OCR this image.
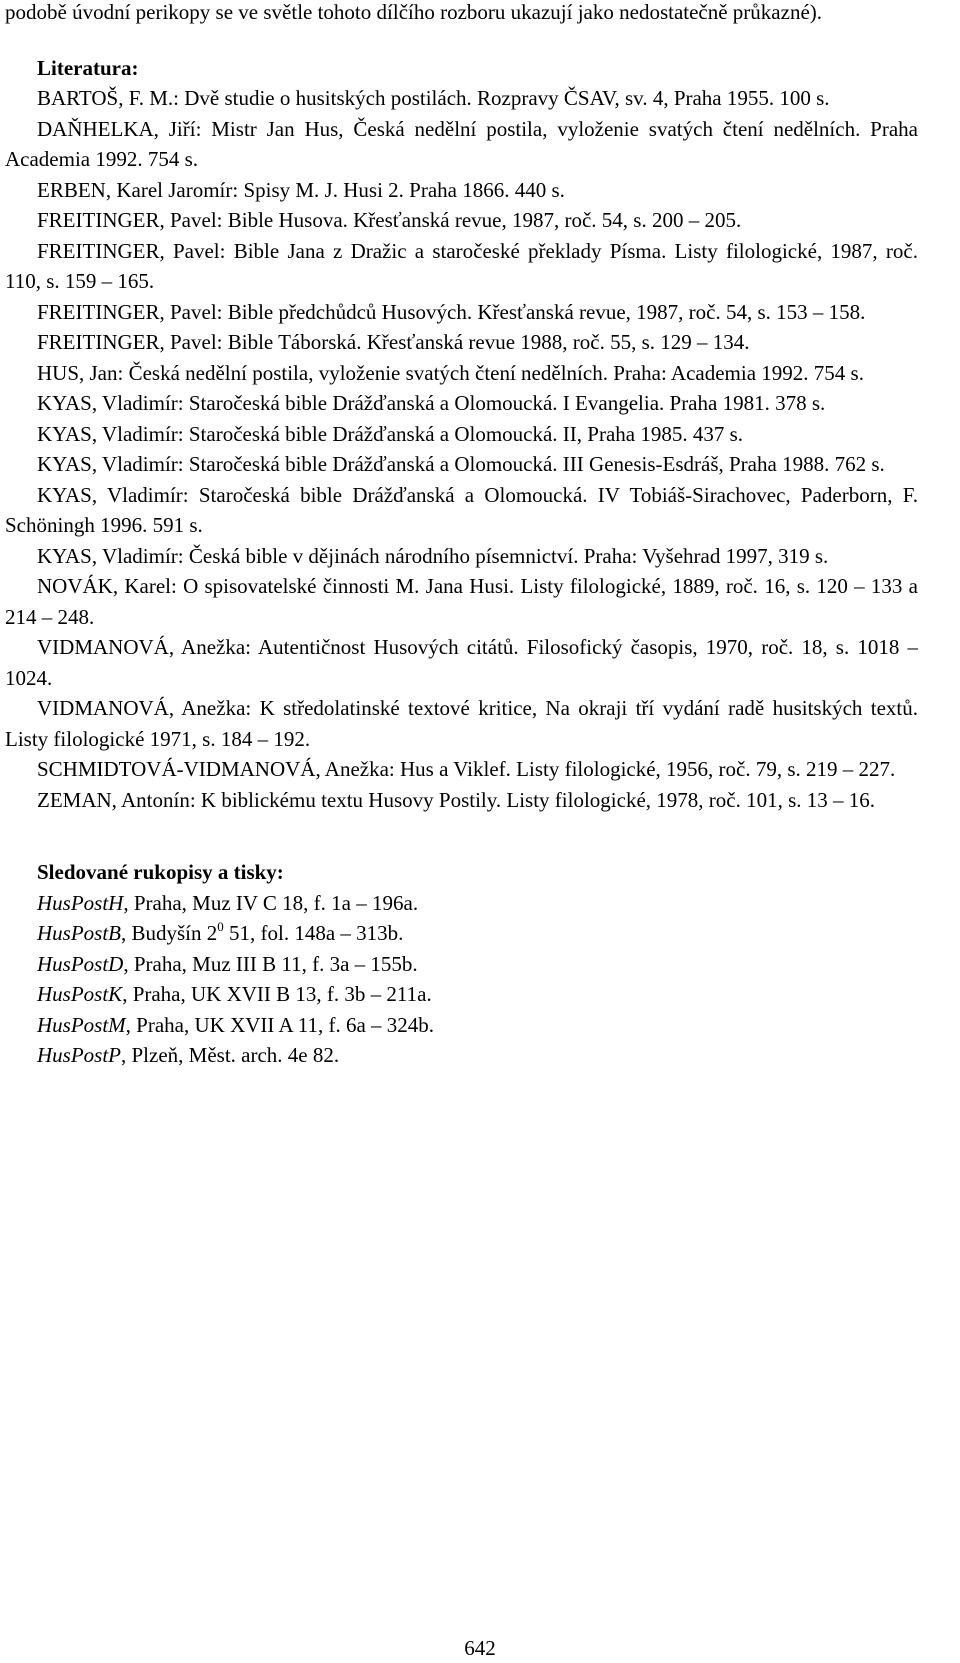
podobě úvodní perikopy se ve světle tohoto dílčího rozboru ukazují jako nedostatečně průkazné).

Literatura:

BARTOŠ, F. M.: Dvě studie o husitských postilách. Rozpravy ČSAV, sv. 4, Praha 1955. 100 s.

DAŇHELKA, Jiří: Mistr Jan Hus, Česká nedělní postila, vyloženie svatých čtení nedělních. Praha Academia 1992. 754 s.

ERBEN, Karel Jaromír: Spisy M. J. Husi 2. Praha 1866. 440 s.

FREITINGER, Pavel: Bible Husova. Křesťanská revue, 1987, roč. 54, s. 200 – 205.

FREITINGER, Pavel: Bible Jana z Dražic a staročeské překlady Písma. Listy filologické, 1987, roč. 110, s. 159 – 165.

FREITINGER, Pavel: Bible předchůdců Husových. Křesťanská revue, 1987, roč. 54, s. 153 – 158.

FREITINGER, Pavel: Bible Táborská. Křesťanská revue 1988, roč. 55, s. 129 – 134.

HUS, Jan: Česká nedělní postila, vyloženie svatých čtení nedělních. Praha: Academia 1992. 754 s.

KYAS, Vladimír: Staročeská bible Drážďanská a Olomoucká. I Evangelia. Praha 1981. 378 s.

KYAS, Vladimír: Staročeská bible Drážďanská a Olomoucká. II, Praha 1985. 437 s.

KYAS, Vladimír: Staročeská bible Drážďanská a Olomoucká. III Genesis-Esdráš, Praha 1988. 762 s.

KYAS, Vladimír: Staročeská bible Drážďanská a Olomoucká. IV Tobiáš-Sirachovec, Paderborn, F. Schöningh 1996. 591 s.

KYAS, Vladimír: Česká bible v dějinách národního písemnictví. Praha: Vyšehrad 1997, 319 s.

NOVÁK, Karel: O spisovatelské činnosti M. Jana Husi. Listy filologické, 1889, roč. 16, s. 120 – 133 a 214 – 248.

VIDMANOVÁ, Anežka: Autentičnost Husových citátů. Filosofický časopis, 1970, roč. 18, s. 1018 – 1024.

VIDMANOVÁ, Anežka: K středolatinské textové kritice, Na okraji tří vydání radě husitských textů. Listy filologické 1971, s. 184 – 192.

SCHMIDTOVÁ-VIDMANOVÁ, Anežka: Hus a Viklef. Listy filologické, 1956, roč. 79, s. 219 – 227.

ZEMAN, Antonín: K biblickému textu Husovy Postily. Listy filologické, 1978, roč. 101, s. 13 – 16.

Sledované rukopisy a tisky:
HusPostH, Praha, Muz IV C 18, f. 1a – 196a.
HusPostB, Budyšín $2^0$ 51, fol. 148a – 313b.
HusPostD, Praha, Muz III B 11, f. 3a – 155b.
HusPostK, Praha, UK XVII B 13, f. 3b – 211a.
HusPostM, Praha, UK XVII A 11, f. 6a – 324b.
HusPostP, Plzeň, Měst. arch. 4e 82.
642
